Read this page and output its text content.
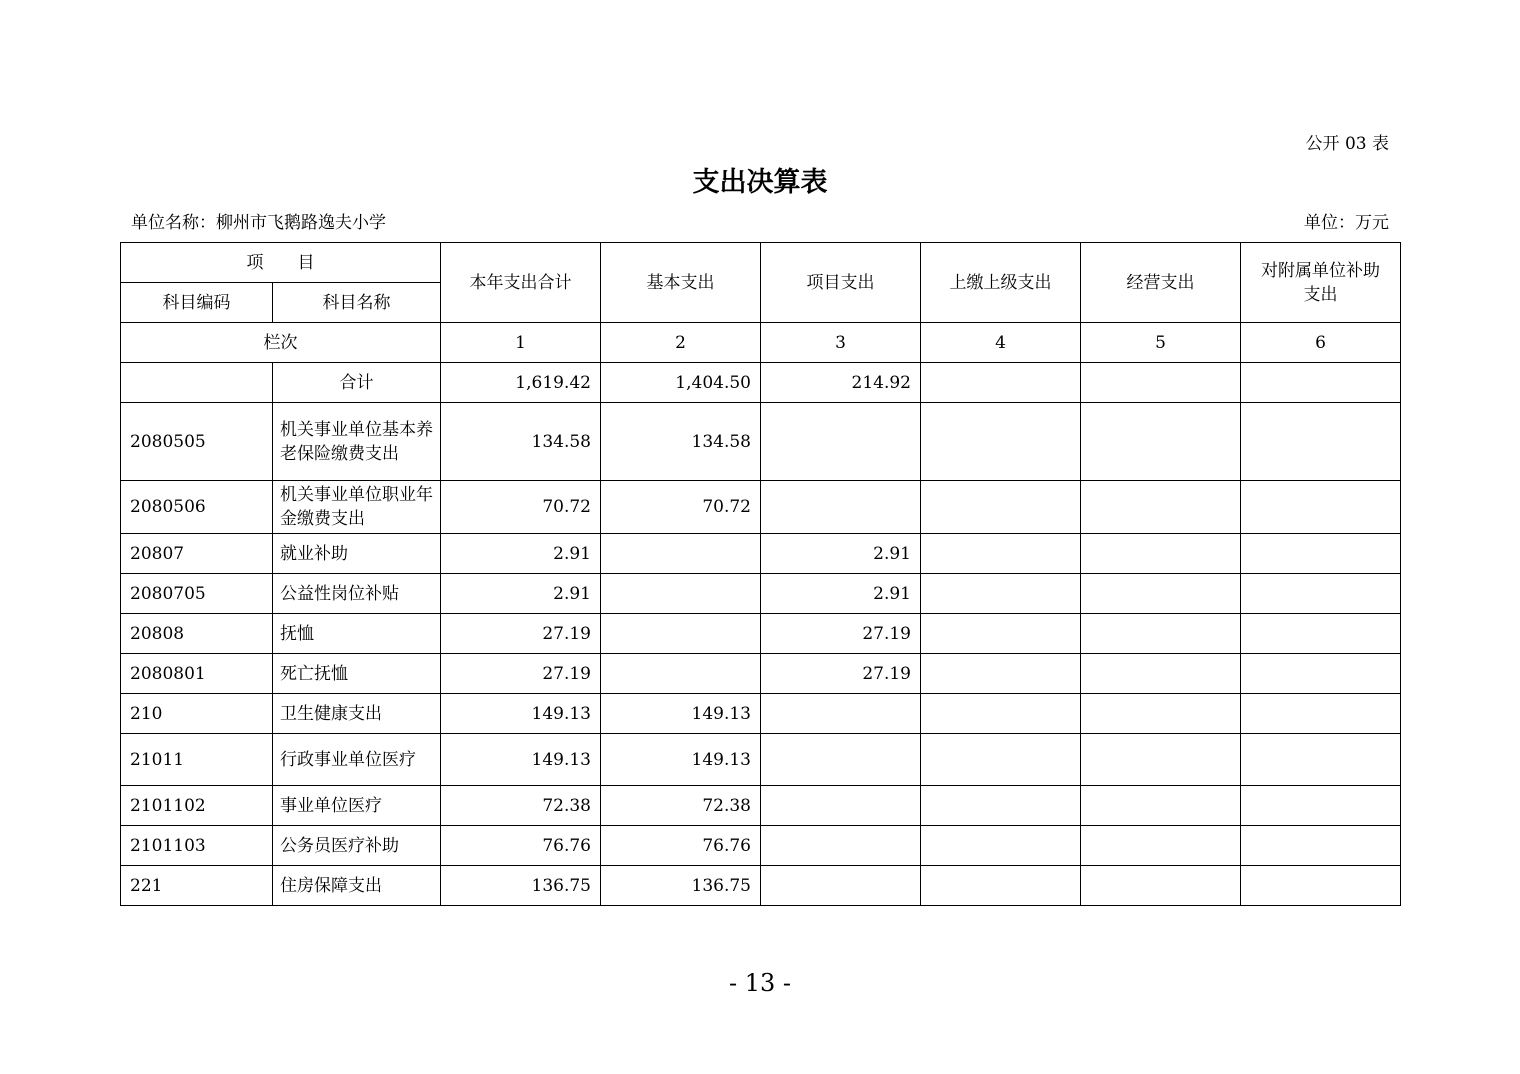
公开 03 表
支出决算表
单位名称：柳州市飞鹅路逸夫小学	单位：万元
项　　目		本年支出合计	基本支出	项目支出	上缴上级支出	经营支出	对附属单位补助支出
科目编码	科目名称						
栏次		1	2	3	4	5	6
	合计	1,619.42	1,404.50	214.92			
2080505	机关事业单位基本养老保险缴费支出	134.58	134.58				
2080506	机关事业单位职业年金缴费支出	70.72	70.72				
20807	就业补助	2.91		2.91			
2080705	公益性岗位补贴	2.91		2.91			
20808	抚恤	27.19		27.19			
2080801	死亡抚恤	27.19		27.19			
210	卫生健康支出	149.13	149.13				
21011	行政事业单位医疗	149.13	149.13				
2101102	事业单位医疗	72.38	72.38				
2101103	公务员医疗补助	76.76	76.76				
221	住房保障支出	136.75	136.75				
- 13 -
